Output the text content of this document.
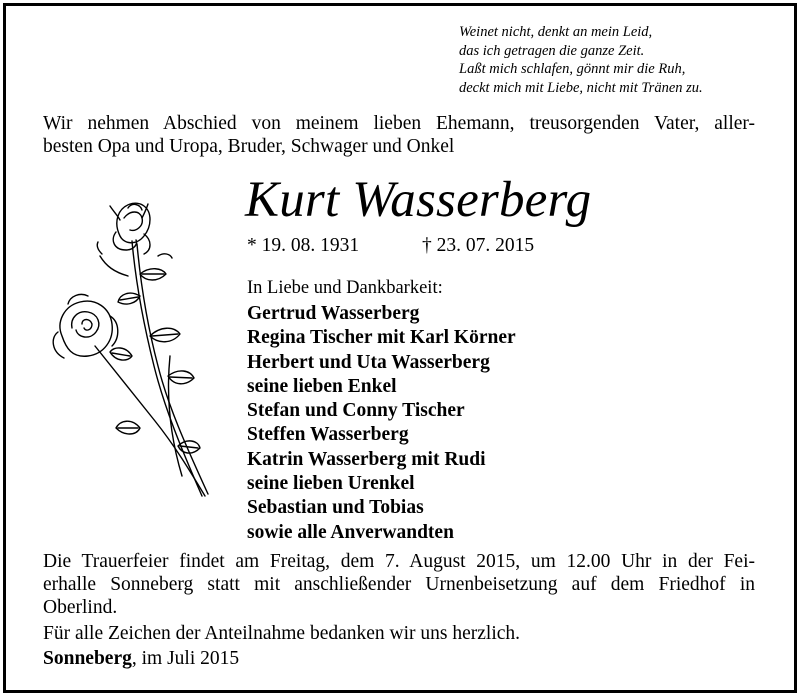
Weinet nicht, denkt an mein Leid,
das ich getragen die ganze Zeit.
Laßt mich schlafen, gönnt mir die Ruh,
deckt mich mit Liebe, nicht mit Tränen zu.
Wir nehmen Abschied von meinem lieben Ehemann, treusorgenden Vater, aller-
besten Opa und Uropa, Bruder, Schwager und Onkel
Kurt Wasserberg
* 19. 08. 1931	† 23. 07. 2015
In Liebe und Dankbarkeit:
Gertrud Wasserberg
Regina Tischer mit Karl Körner
Herbert und Uta Wasserberg
seine lieben Enkel
Stefan und Conny Tischer
Steffen Wasserberg
Katrin Wasserberg mit Rudi
seine lieben Urenkel
Sebastian und Tobias
sowie alle Anverwandten
Die Trauerfeier findet am Freitag, dem 7. August 2015, um 12.00 Uhr in der Fei-
erhalle Sonneberg statt mit anschließender Urnenbeisetzung auf dem Friedhof in
Oberlind.
Für alle Zeichen der Anteilnahme bedanken wir uns herzlich.
Sonneberg, im Juli 2015
